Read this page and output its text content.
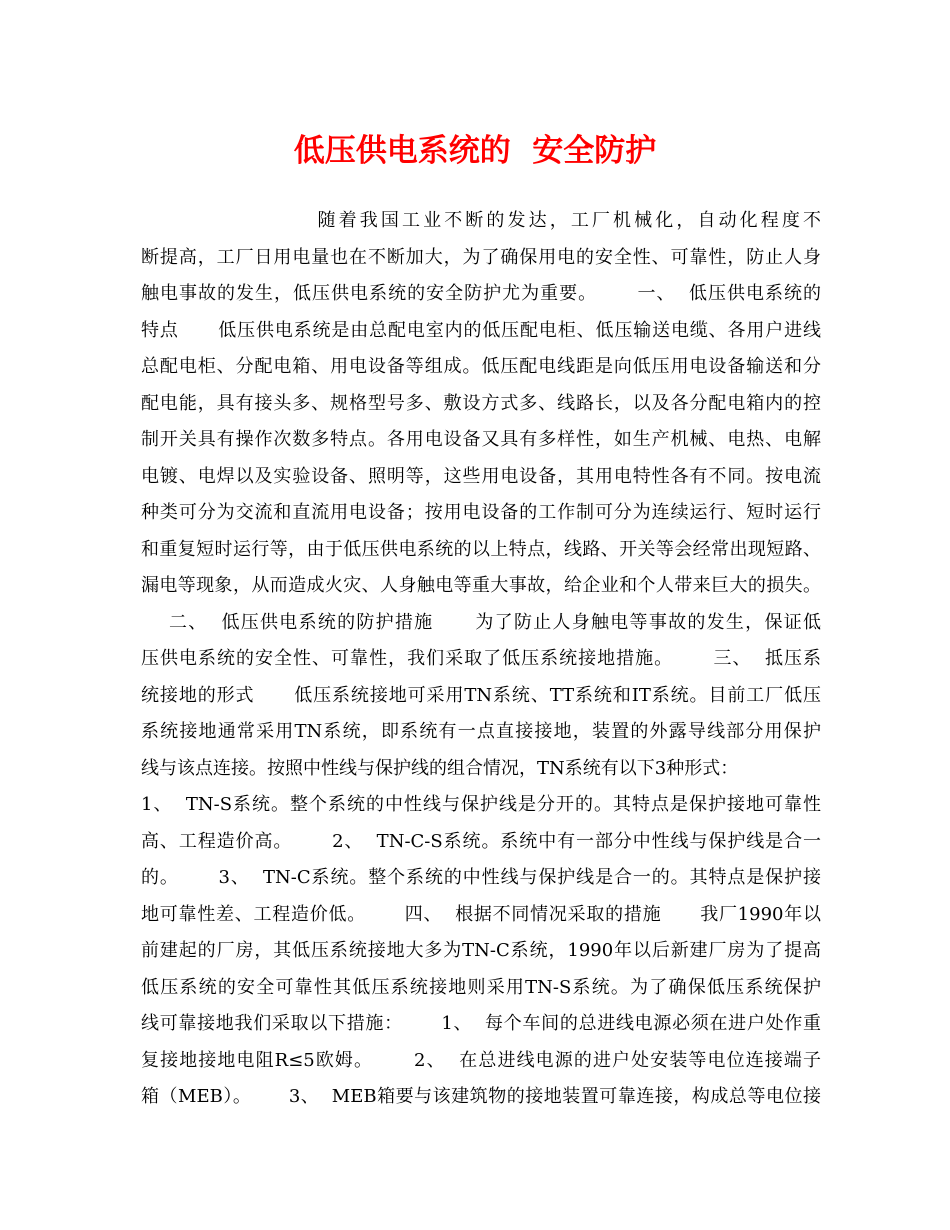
低压供电系统的  安全防护
随着我国工业不断的发达，工厂机械化，自动化程度不
断提高，工厂日用电量也在不断加大，为了确保用电的安全性、可靠性，防止人身
触电事故的发生，低压供电系统的安全防护尤为重要。      一、  低压供电系统的
特点      低压供电系统是由总配电室内的低压配电柜、低压输送电缆、各用户进线
总配电柜、分配电箱、用电设备等组成。低压配电线距是向低压用电设备输送和分
配电能，具有接头多、规格型号多、敷设方式多、线路长，以及各分配电箱内的控
制开关具有操作次数多特点。各用电设备又具有多样性，如生产机械、电热、电解
电镀、电焊以及实验设备、照明等，这些用电设备，其用电特性各有不同。按电流
种类可分为交流和直流用电设备；按用电设备的工作制可分为连续运行、短时运行
和重复短时运行等，由于低压供电系统的以上特点，线路、开关等会经常出现短路、
漏电等现象，从而造成火灾、人身触电等重大事故，给企业和个人带来巨大的损失。
二、  低压供电系统的防护措施      为了防止人身触电等事故的发生，保证低
压供电系统的安全性、可靠性，我们采取了低压系统接地措施。      三、  抵压系
统接地的形式      低压系统接地可采用TN系统、TT系统和IT系统。目前工厂低压
系统接地通常采用TN系统，即系统有一点直接接地，装置的外露导线部分用保护
线与该点连接。按照中性线与保护线的组合情况，TN系统有以下3种形式：
1、  TN-S系统。整个系统的中性线与保护线是分开的。其特点是保护接地可靠性
高、工程造价高。      2、  TN-C-S系统。系统中有一部分中性线与保护线是合一
的。      3、  TN-C系统。整个系统的中性线与保护线是合一的。其特点是保护接
地可靠性差、工程造价低。      四、  根据不同情况采取的措施      我厂1990年以
前建起的厂房，其低压系统接地大多为TN-C系统，1990年以后新建厂房为了提高
低压系统的安全可靠性其低压系统接地则采用TN-S系统。为了确保低压系统保护
线可靠接地我们采取以下措施：      1、  每个车间的总进线电源必须在进户处作重
复接地接地电阻R≤5欧姆。      2、  在总进线电源的进户处安装等电位连接端子
箱（MEB）。      3、  MEB箱要与该建筑物的接地装置可靠连接，构成总等电位接
